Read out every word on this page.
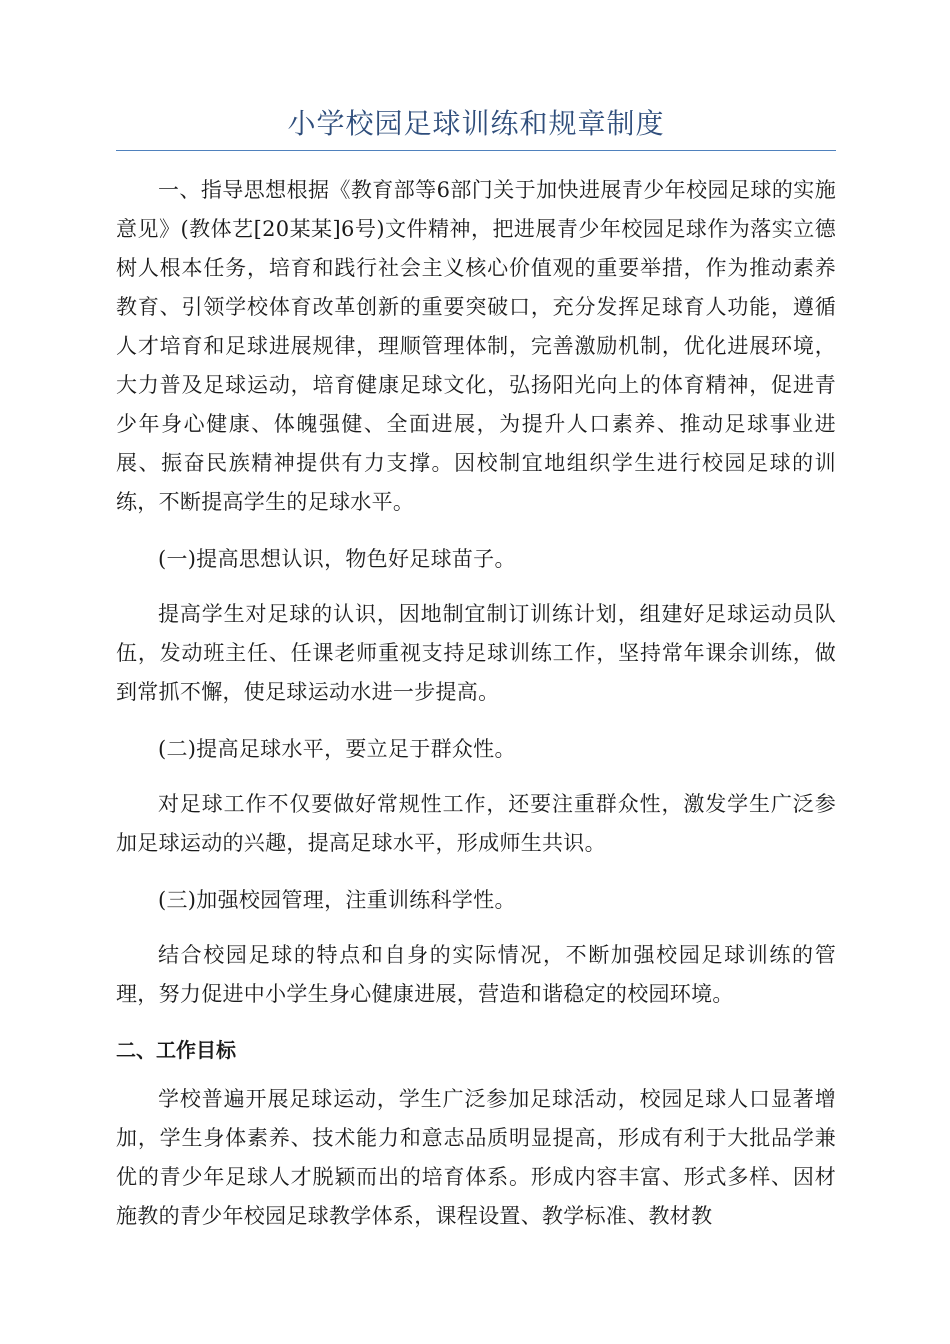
小学校园足球训练和规章制度

一、指导思想根据《教育部等6部门关于加快进展青少年校园足球的实施意见》(教体艺[20某某]6号)文件精神，把进展青少年校园足球作为落实立德树人根本任务，培育和践行社会主义核心价值观的重要举措，作为推动素养教育、引领学校体育改革创新的重要突破口，充分发挥足球育人功能，遵循人才培育和足球进展规律，理顺管理体制，完善激励机制，优化进展环境，大力普及足球运动，培育健康足球文化，弘扬阳光向上的体育精神，促进青少年身心健康、体魄强健、全面进展，为提升人口素养、推动足球事业进展、振奋民族精神提供有力支撑。因校制宜地组织学生进行校园足球的训练，不断提高学生的足球水平。

(一)提高思想认识，物色好足球苗子。

提高学生对足球的认识，因地制宜制订训练计划，组建好足球运动员队伍，发动班主任、任课老师重视支持足球训练工作，坚持常年课余训练，做到常抓不懈，使足球运动水进一步提高。

(二)提高足球水平，要立足于群众性。

对足球工作不仅要做好常规性工作，还要注重群众性，激发学生广泛参加足球运动的兴趣，提高足球水平，形成师生共识。

(三)加强校园管理，注重训练科学性。

结合校园足球的特点和自身的实际情况，不断加强校园足球训练的管理，努力促进中小学生身心健康进展，营造和谐稳定的校园环境。

二、工作目标

学校普遍开展足球运动，学生广泛参加足球活动，校园足球人口显著增加，学生身体素养、技术能力和意志品质明显提高，形成有利于大批品学兼优的青少年足球人才脱颖而出的培育体系。形成内容丰富、形式多样、因材施教的青少年校园足球教学体系，课程设置、教学标准、教材教
